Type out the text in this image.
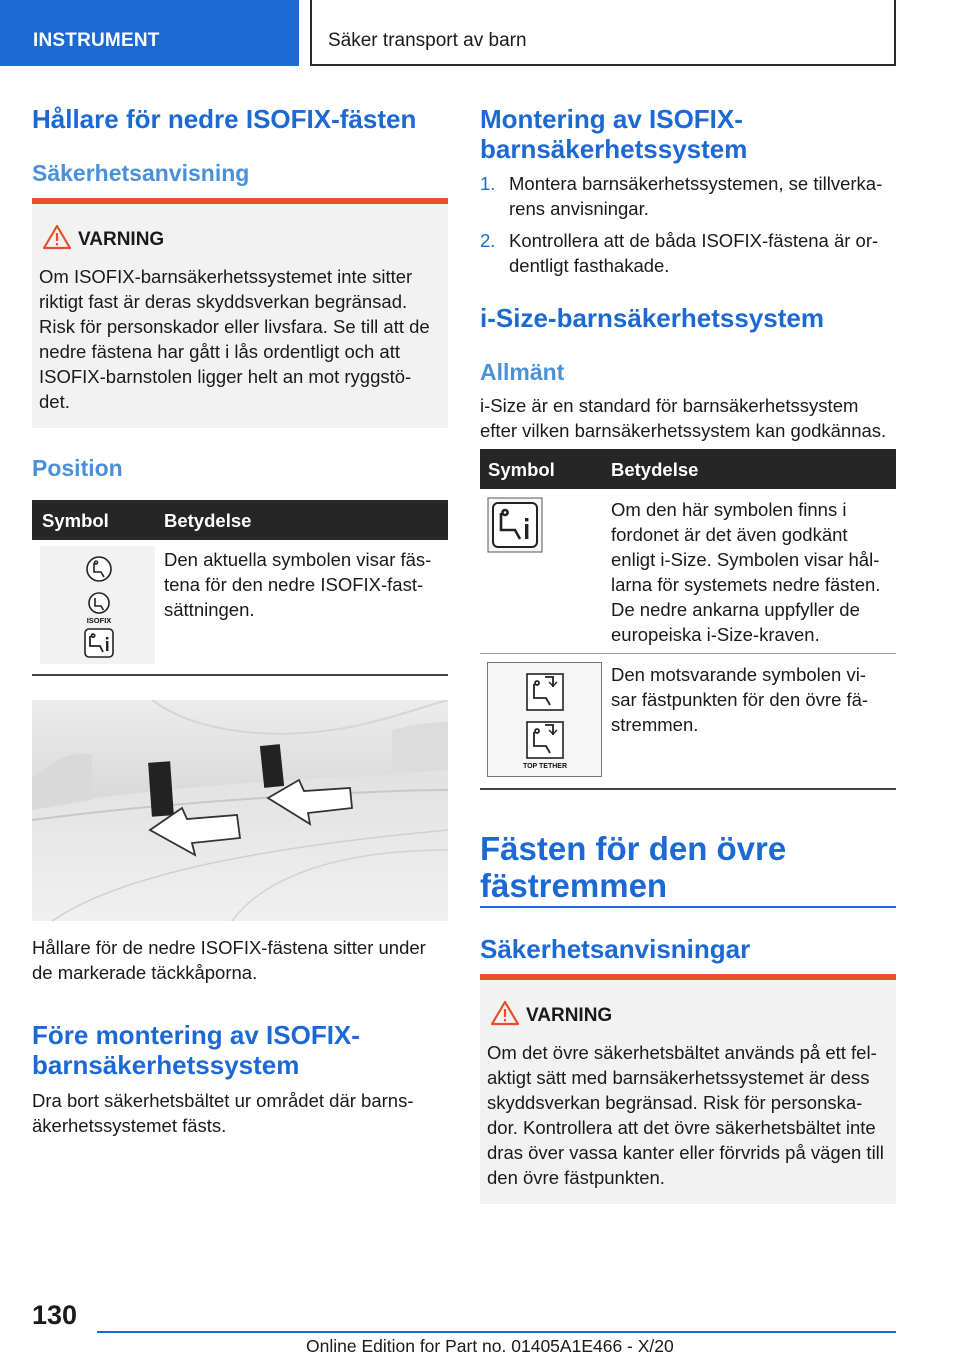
INSTRUMENT	Säker transport av barn
Hållare för nedre ISOFIX-fästen
Säkerhetsanvisning
VARNING
Om ISOFIX-barnsäkerhetssystemet inte sitter
riktigt fast är deras skyddsverkan begränsad.
Risk för personskador eller livsfara. Se till att de
nedre fästena har gått i lås ordentligt och att
ISOFIX-barnstolen ligger helt an mot ryggstö-
det.
Position
Symbol	Betydelse
ISOFIX
Den aktuella symbolen visar fäs-
tena för den nedre ISOFIX-fast-
sättningen.
Hållare för de nedre ISOFIX-fästena sitter under
de markerade täckkåporna.
Före montering av ISOFIX-
barnsäkerhetssystem
Dra bort säkerhetsbältet ur området där barns-
äkerhetssystemet fästs.
Montering av ISOFIX-
barnsäkerhetssystem
1. Montera barnsäkerhetssystemen, se tillverka-
rens anvisningar.
2. Kontrollera att de båda ISOFIX-fästena är or-
dentligt fasthakade.
i-Size-barnsäkerhetssystem
Allmänt
i-Size är en standard för barnsäkerhetssystem
efter vilken barnsäkerhetssystem kan godkännas.
Symbol	Betydelse
Om den här symbolen finns i
fordonet är det även godkänt
enligt i-Size. Symbolen visar hål-
larna för systemets nedre fästen.
De nedre ankarna uppfyller de
europeiska i-Size-kraven.
TOP TETHER
Den motsvarande symbolen vi-
sar fästpunkten för den övre fä-
stremmen.
Fästen för den övre
fästremmen
Säkerhetsanvisningar
VARNING
Om det övre säkerhetsbältet används på ett fel-
aktigt sätt med barnsäkerhetssystemet är dess
skyddsverkan begränsad. Risk för personska-
dor. Kontrollera att det övre säkerhetsbältet inte
dras över vassa kanter eller förvrids på vägen till
den övre fästpunkten.
130
Online Edition for Part no. 01405A1E466 - X/20
